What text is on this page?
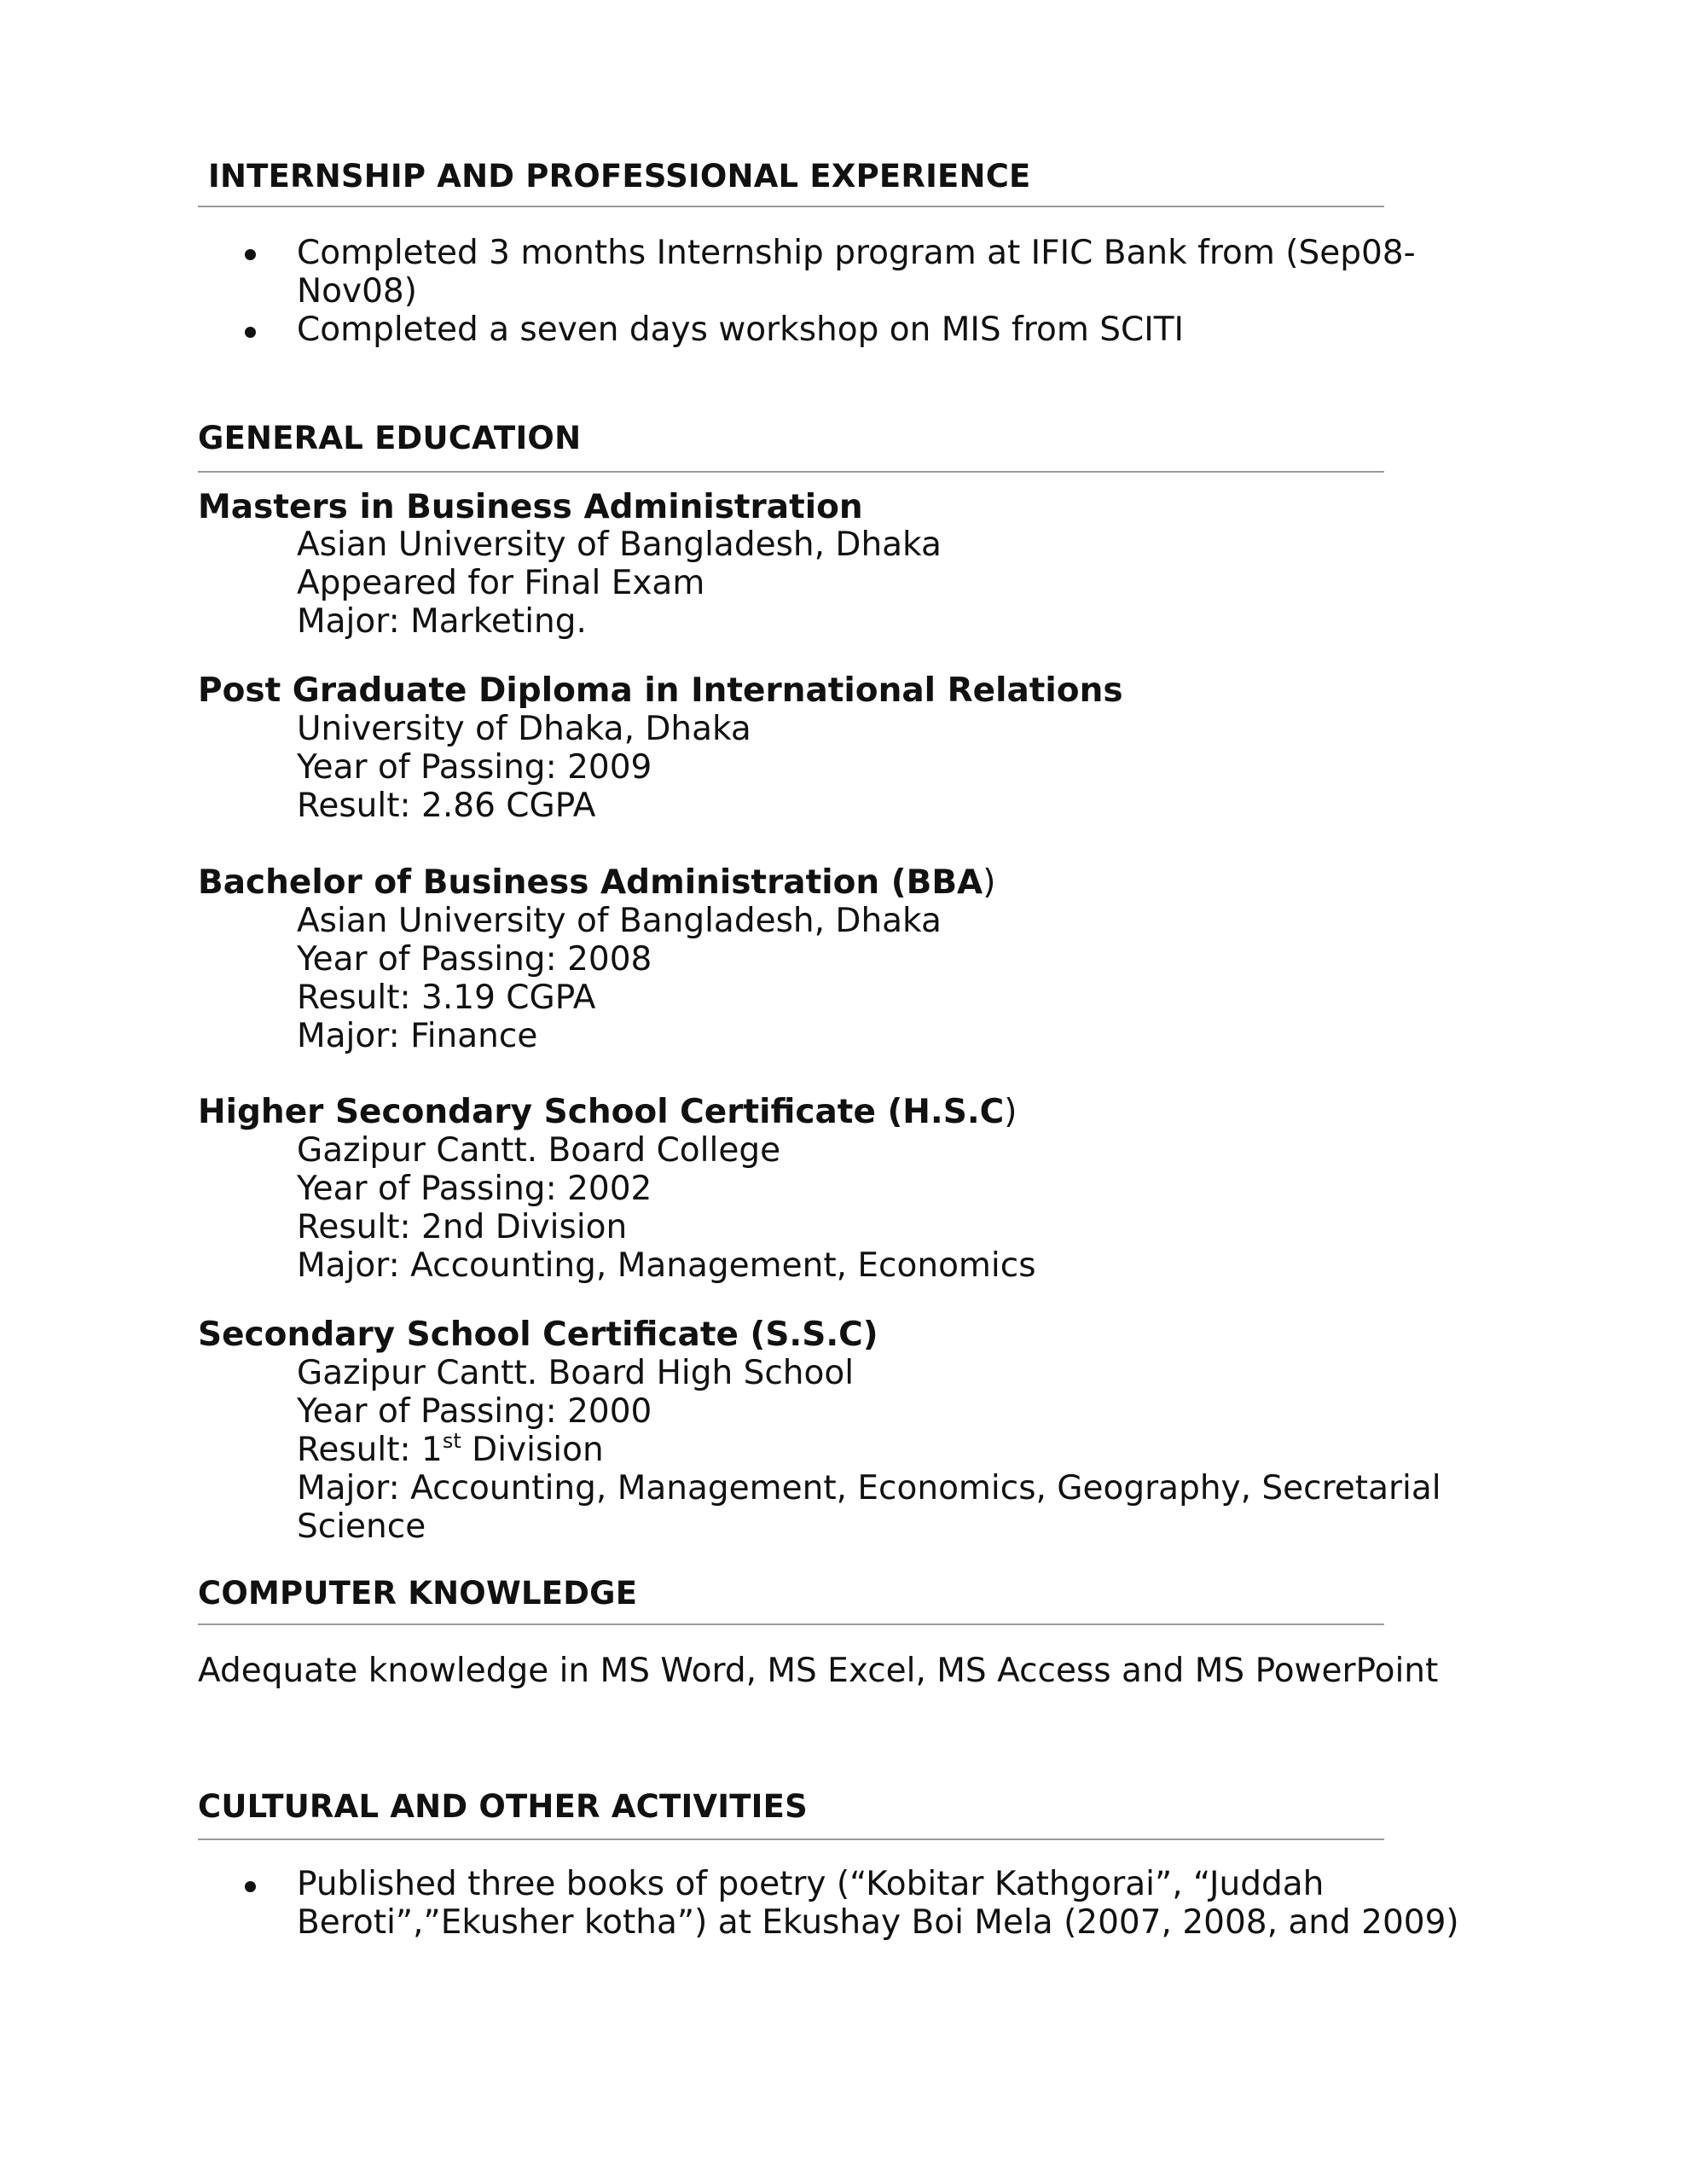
INTERNSHIP AND PROFESSIONAL EXPERIENCE
Completed 3 months Internship program at IFIC Bank from (Sep08-
Nov08)
Completed a seven days workshop on MIS from SCITI
GENERAL EDUCATION
Masters in Business Administration
Asian University of Bangladesh, Dhaka
Appeared for Final Exam
Major: Marketing.
Post Graduate Diploma in International Relations
University of Dhaka, Dhaka
Year of Passing: 2009
Result: 2.86 CGPA
Bachelor of Business Administration (BBA)
Asian University of Bangladesh, Dhaka
Year of Passing: 2008
Result: 3.19 CGPA
Major: Finance
Higher Secondary School Certificate (H.S.C)
Gazipur Cantt. Board College
Year of Passing: 2002
Result: 2nd Division
Major: Accounting, Management, Economics
Secondary School Certificate (S.S.C)
Gazipur Cantt. Board High School
Year of Passing: 2000
Result: 1st Division
Major: Accounting, Management, Economics, Geography, Secretarial
Science
COMPUTER KNOWLEDGE
Adequate knowledge in MS Word, MS Excel, MS Access and MS PowerPoint
CULTURAL AND OTHER ACTIVITIES
Published three books of poetry (“Kobitar Kathgorai”, “Juddah
Beroti”,”Ekusher kotha”) at Ekushay Boi Mela (2007, 2008, and 2009)
